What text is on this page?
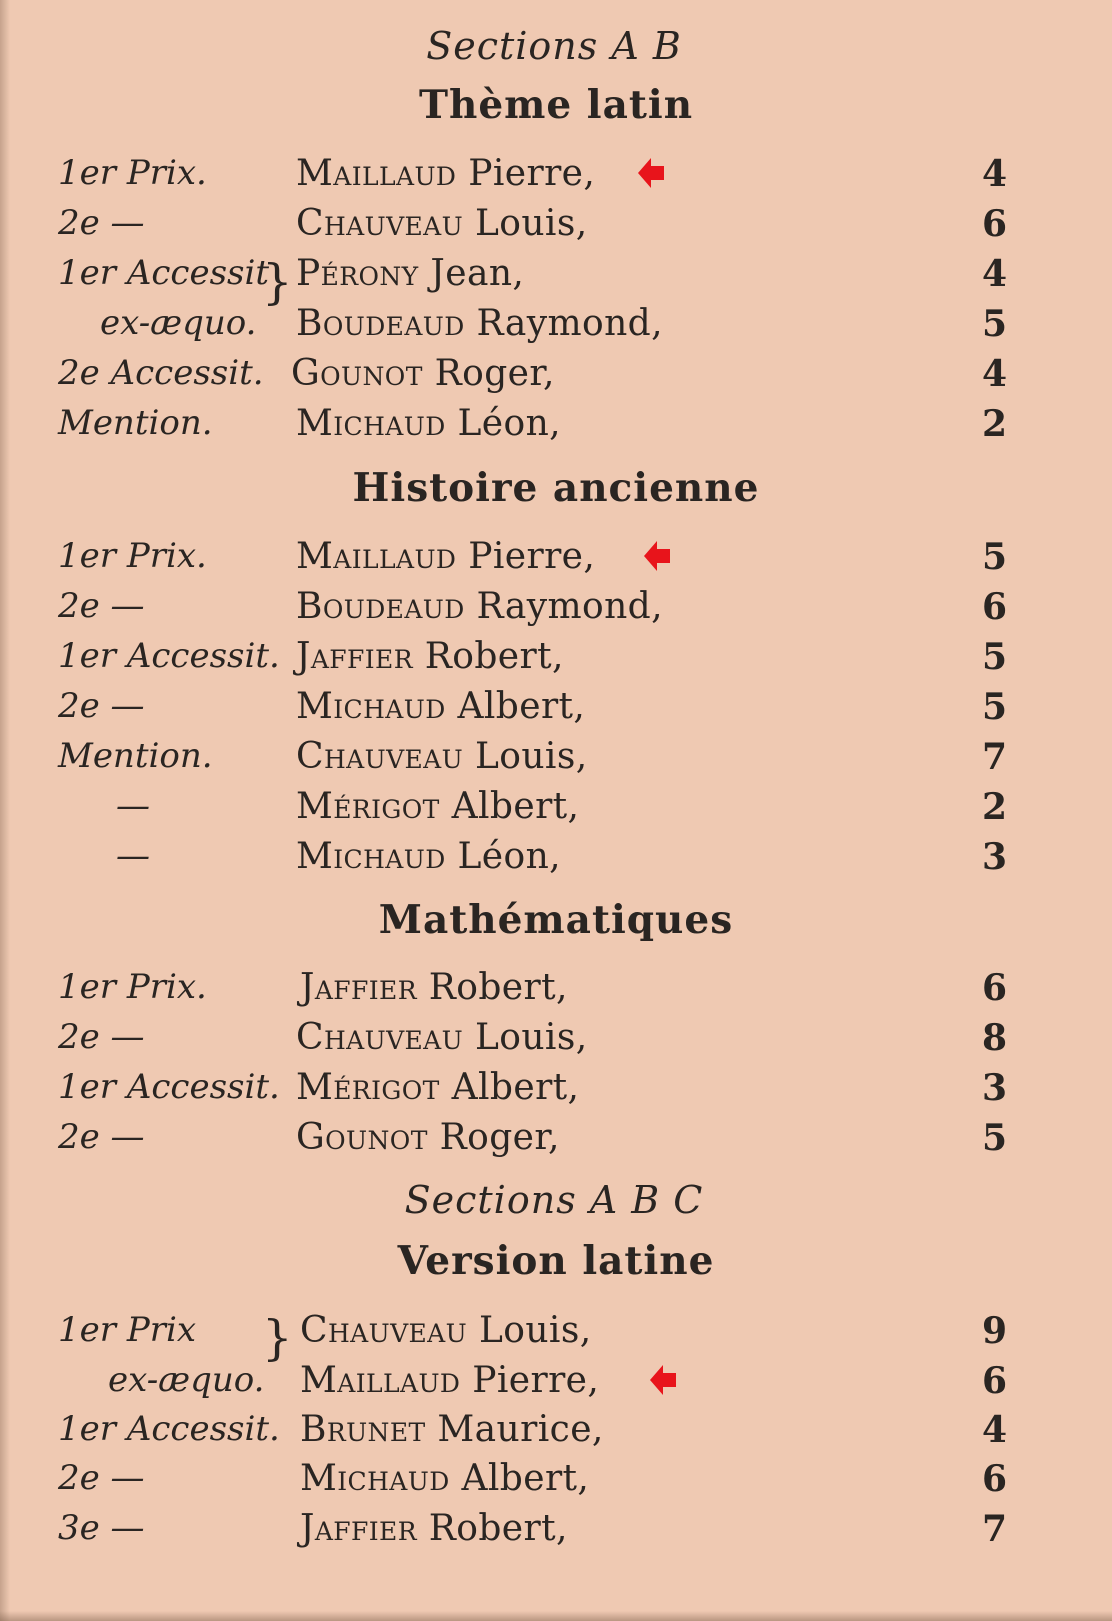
Sections A B
Thème latin
1er Prix.	Maillaud Pierre,	4
2e —	Chauveau Louis,	6
1er Accessit Pérony Jean,	4
}
ex-æquo.	Boudeaud Raymond,	5
2e Accessit. Gounot Roger,	4
Mention.	Michaud Léon,	2
Histoire ancienne
1er Prix.	Maillaud Pierre,	5
2e —	Boudeaud Raymond,	6
1er Accessit. Jaffier Robert,	5
2e —	Michaud Albert,	5
Mention.	Chauveau Louis,	7
—	Mérigot Albert,	2
—	Michaud Léon,	3
Mathématiques
1er Prix.	Jaffier Robert,	6
2e —	Chauveau Louis,	8
1er Accessit. Mérigot Albert,	3
2e —	Gounot Roger,	5
Sections A B C
Version latine
1er Prix	Chauveau Louis,	9
}
ex-æquo. Maillaud Pierre,	6
1er Accessit. Brunet Maurice,	4
2e —	Michaud Albert,	6
3e —	Jaffier Robert,	7
